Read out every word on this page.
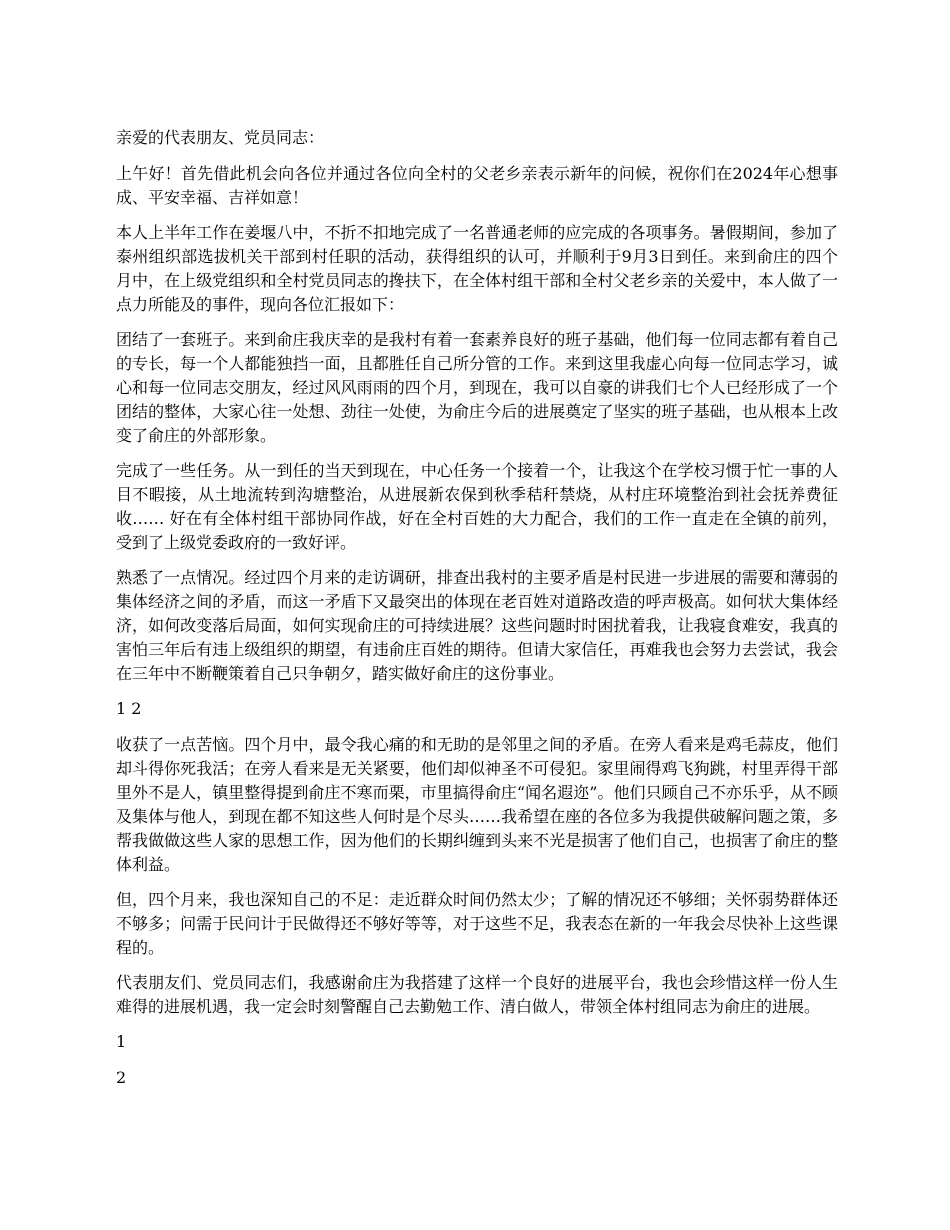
亲爱的代表朋友、党员同志：

上午好！首先借此机会向各位并通过各位向全村的父老乡亲表示新年的问候，祝你们在2024年心想事成、平安幸福、吉祥如意！

本人上半年工作在姜堰八中，不折不扣地完成了一名普通老师的应完成的各项事务。暑假期间，参加了泰州组织部选拔机关干部到村任职的活动，获得组织的认可，并顺利于9月3日到任。来到俞庄的四个月中，在上级党组织和全村党员同志的搀扶下，在全体村组干部和全村父老乡亲的关爱中，本人做了一点力所能及的事件，现向各位汇报如下：

团结了一套班子。来到俞庄我庆幸的是我村有着一套素养良好的班子基础，他们每一位同志都有着自己的专长，每一个人都能独挡一面，且都胜任自己所分管的工作。来到这里我虚心向每一位同志学习，诚心和每一位同志交朋友，经过风风雨雨的四个月，到现在，我可以自豪的讲我们七个人已经形成了一个团结的整体，大家心往一处想、劲往一处使，为俞庄今后的进展奠定了坚实的班子基础，也从根本上改变了俞庄的外部形象。

完成了一些任务。从一到任的当天到现在，中心任务一个接着一个，让我这个在学校习惯于忙一事的人目不暇接，从土地流转到沟塘整治，从进展新农保到秋季秸秆禁烧，从村庄环境整治到社会抚养费征收…… 好在有全体村组干部协同作战，好在全村百姓的大力配合，我们的工作一直走在全镇的前列，受到了上级党委政府的一致好评。

熟悉了一点情况。经过四个月来的走访调研，排查出我村的主要矛盾是村民进一步进展的需要和薄弱的集体经济之间的矛盾，而这一矛盾下又最突出的体现在老百姓对道路改造的呼声极高。如何状大集体经济，如何改变落后局面，如何实现俞庄的可持续进展？这些问题时时困扰着我，让我寝食难安，我真的害怕三年后有违上级组织的期望，有违俞庄百姓的期待。但请大家信任，再难我也会努力去尝试，我会在三年中不断鞭策着自己只争朝夕，踏实做好俞庄的这份事业。

1 2

收获了一点苦恼。四个月中，最令我心痛的和无助的是邻里之间的矛盾。在旁人看来是鸡毛蒜皮，他们却斗得你死我活；在旁人看来是无关紧要，他们却似神圣不可侵犯。家里闹得鸡飞狗跳，村里弄得干部里外不是人，镇里整得提到俞庄不寒而栗，市里搞得俞庄“闻名遐迩”。他们只顾自己不亦乐乎，从不顾及集体与他人，到现在都不知这些人何时是个尽头……我希望在座的各位多为我提供破解问题之策，多帮我做做这些人家的思想工作，因为他们的长期纠缠到头来不光是损害了他们自己，也损害了俞庄的整体利益。

但，四个月来，我也深知自己的不足：走近群众时间仍然太少；了解的情况还不够细；关怀弱势群体还不够多；问需于民问计于民做得还不够好等等，对于这些不足，我表态在新的一年我会尽快补上这些课程的。

代表朋友们、党员同志们，我感谢俞庄为我搭建了这样一个良好的进展平台，我也会珍惜这样一份人生难得的进展机遇，我一定会时刻警醒自己去勤勉工作、清白做人，带领全体村组同志为俞庄的进展。

1

2
